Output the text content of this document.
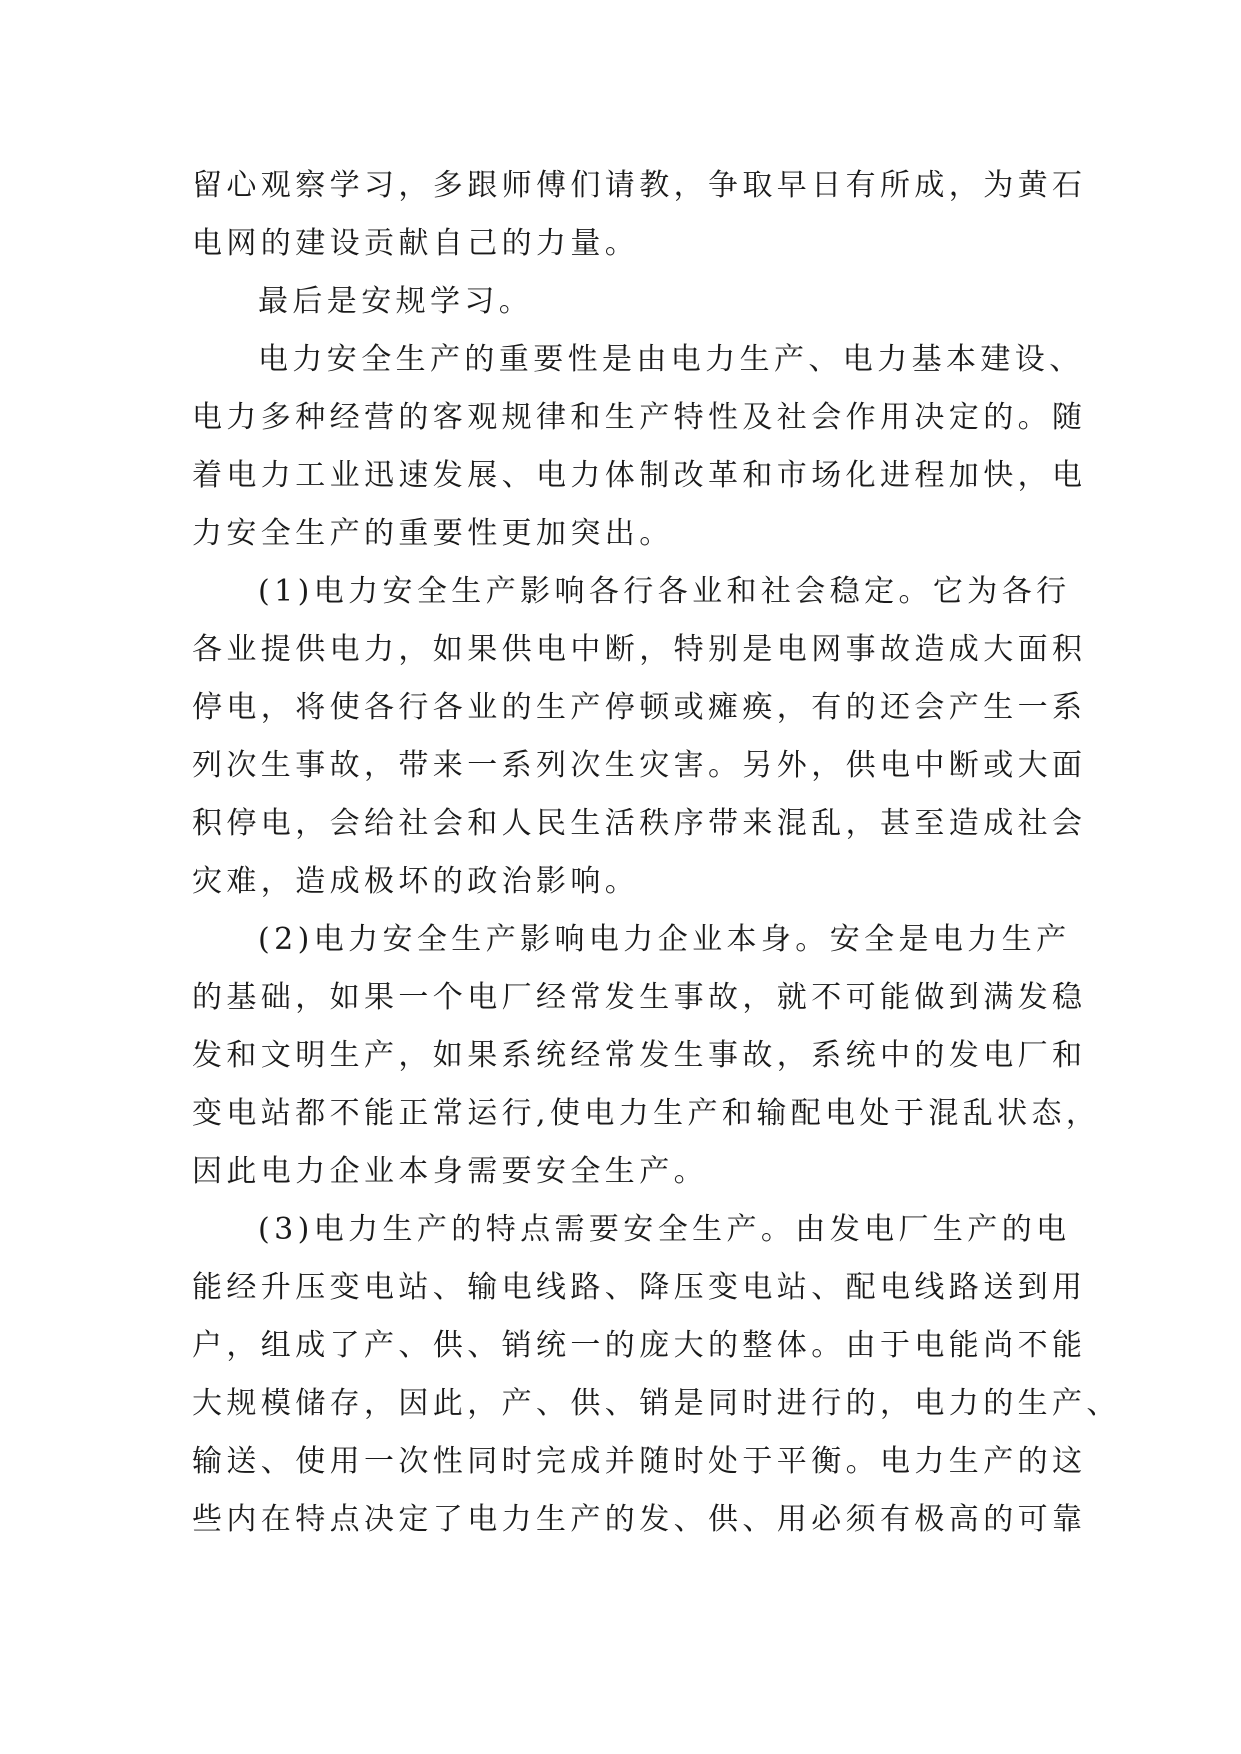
留心观察学习，多跟师傅们请教，争取早日有所成，为黄石

电网的建设贡献自己的力量。

最后是安规学习。

电力安全生产的重要性是由电力生产、电力基本建设、

电力多种经营的客观规律和生产特性及社会作用决定的。随

着电力工业迅速发展、电力体制改革和市场化进程加快，电

力安全生产的重要性更加突出。

(1)电力安全生产影响各行各业和社会稳定。它为各行

各业提供电力，如果供电中断，特别是电网事故造成大面积

停电，将使各行各业的生产停顿或瘫痪，有的还会产生一系

列次生事故，带来一系列次生灾害。另外，供电中断或大面

积停电，会给社会和人民生活秩序带来混乱，甚至造成社会

灾难，造成极坏的政治影响。

(2)电力安全生产影响电力企业本身。安全是电力生产

的基础，如果一个电厂经常发生事故，就不可能做到满发稳

发和文明生产，如果系统经常发生事故，系统中的发电厂和

变电站都不能正常运行,使电力生产和输配电处于混乱状态，

因此电力企业本身需要安全生产。

(3)电力生产的特点需要安全生产。由发电厂生产的电

能经升压变电站、输电线路、降压变电站、配电线路送到用

户，组成了产、供、销统一的庞大的整体。由于电能尚不能

大规模储存，因此，产、供、销是同时进行的，电力的生产、

输送、使用一次性同时完成并随时处于平衡。电力生产的这

些内在特点决定了电力生产的发、供、用必须有极高的可靠
